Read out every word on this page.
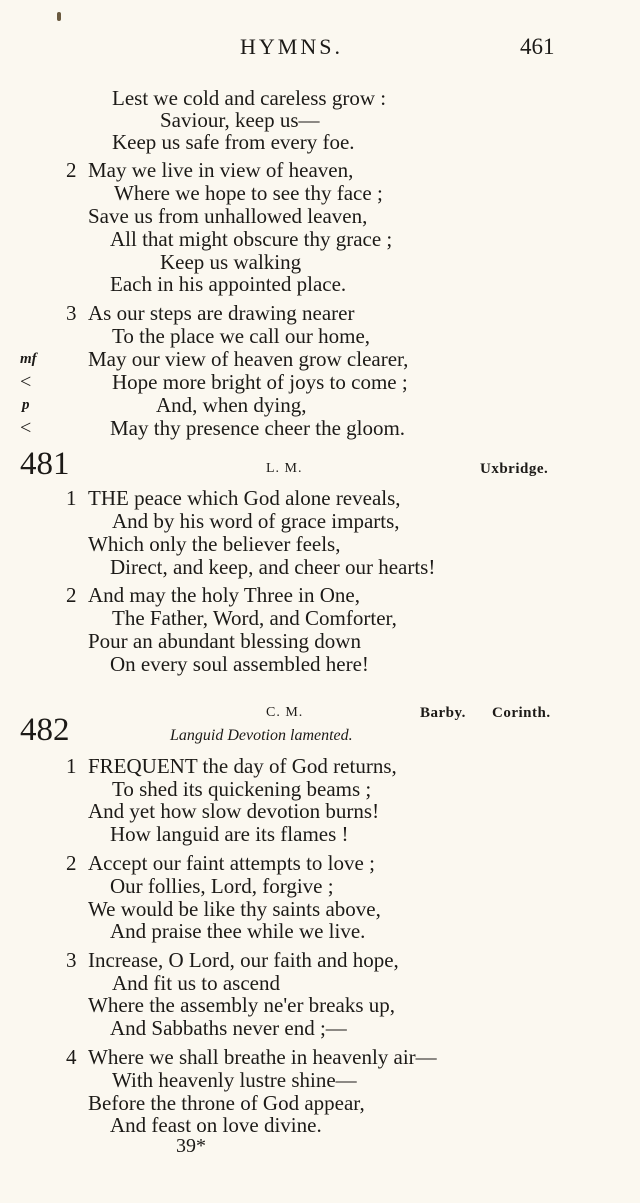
HYMNS.	461
Lest we cold and careless grow :
Saviour, keep us—
Keep us safe from every foe.
2 May we live in view of heaven,
Where we hope to see thy face ;
Save us from unhallowed leaven,
All that might obscure thy grace ;
Keep us walking
Each in his appointed place.
3 As our steps are drawing nearer
To the place we call our home,
May our view of heaven grow clearer,
Hope more bright of joys to come ;
And, when dying,
May thy presence cheer the gloom.
mf
<
p
<
481	L. M.	Uxbridge.
1 THE peace which God alone reveals,
And by his word of grace imparts,
Which only the believer feels,
Direct, and keep, and cheer our hearts!
2 And may the holy Three in One,
The Father, Word, and Comforter,
Pour an abundant blessing down
On every soul assembled here!
482	C. M.	Barby. Corinth.
Languid Devotion lamented.
1 FREQUENT the day of God returns,
To shed its quickening beams ;
And yet how slow devotion burns!
How languid are its flames !
2 Accept our faint attempts to love ;
Our follies, Lord, forgive ;
We would be like thy saints above,
And praise thee while we live.
3 Increase, O Lord, our faith and hope,
And fit us to ascend
Where the assembly ne'er breaks up,
And Sabbaths never end ;—
4 Where we shall breathe in heavenly air—
With heavenly lustre shine—
Before the throne of God appear,
And feast on love divine.
39*
